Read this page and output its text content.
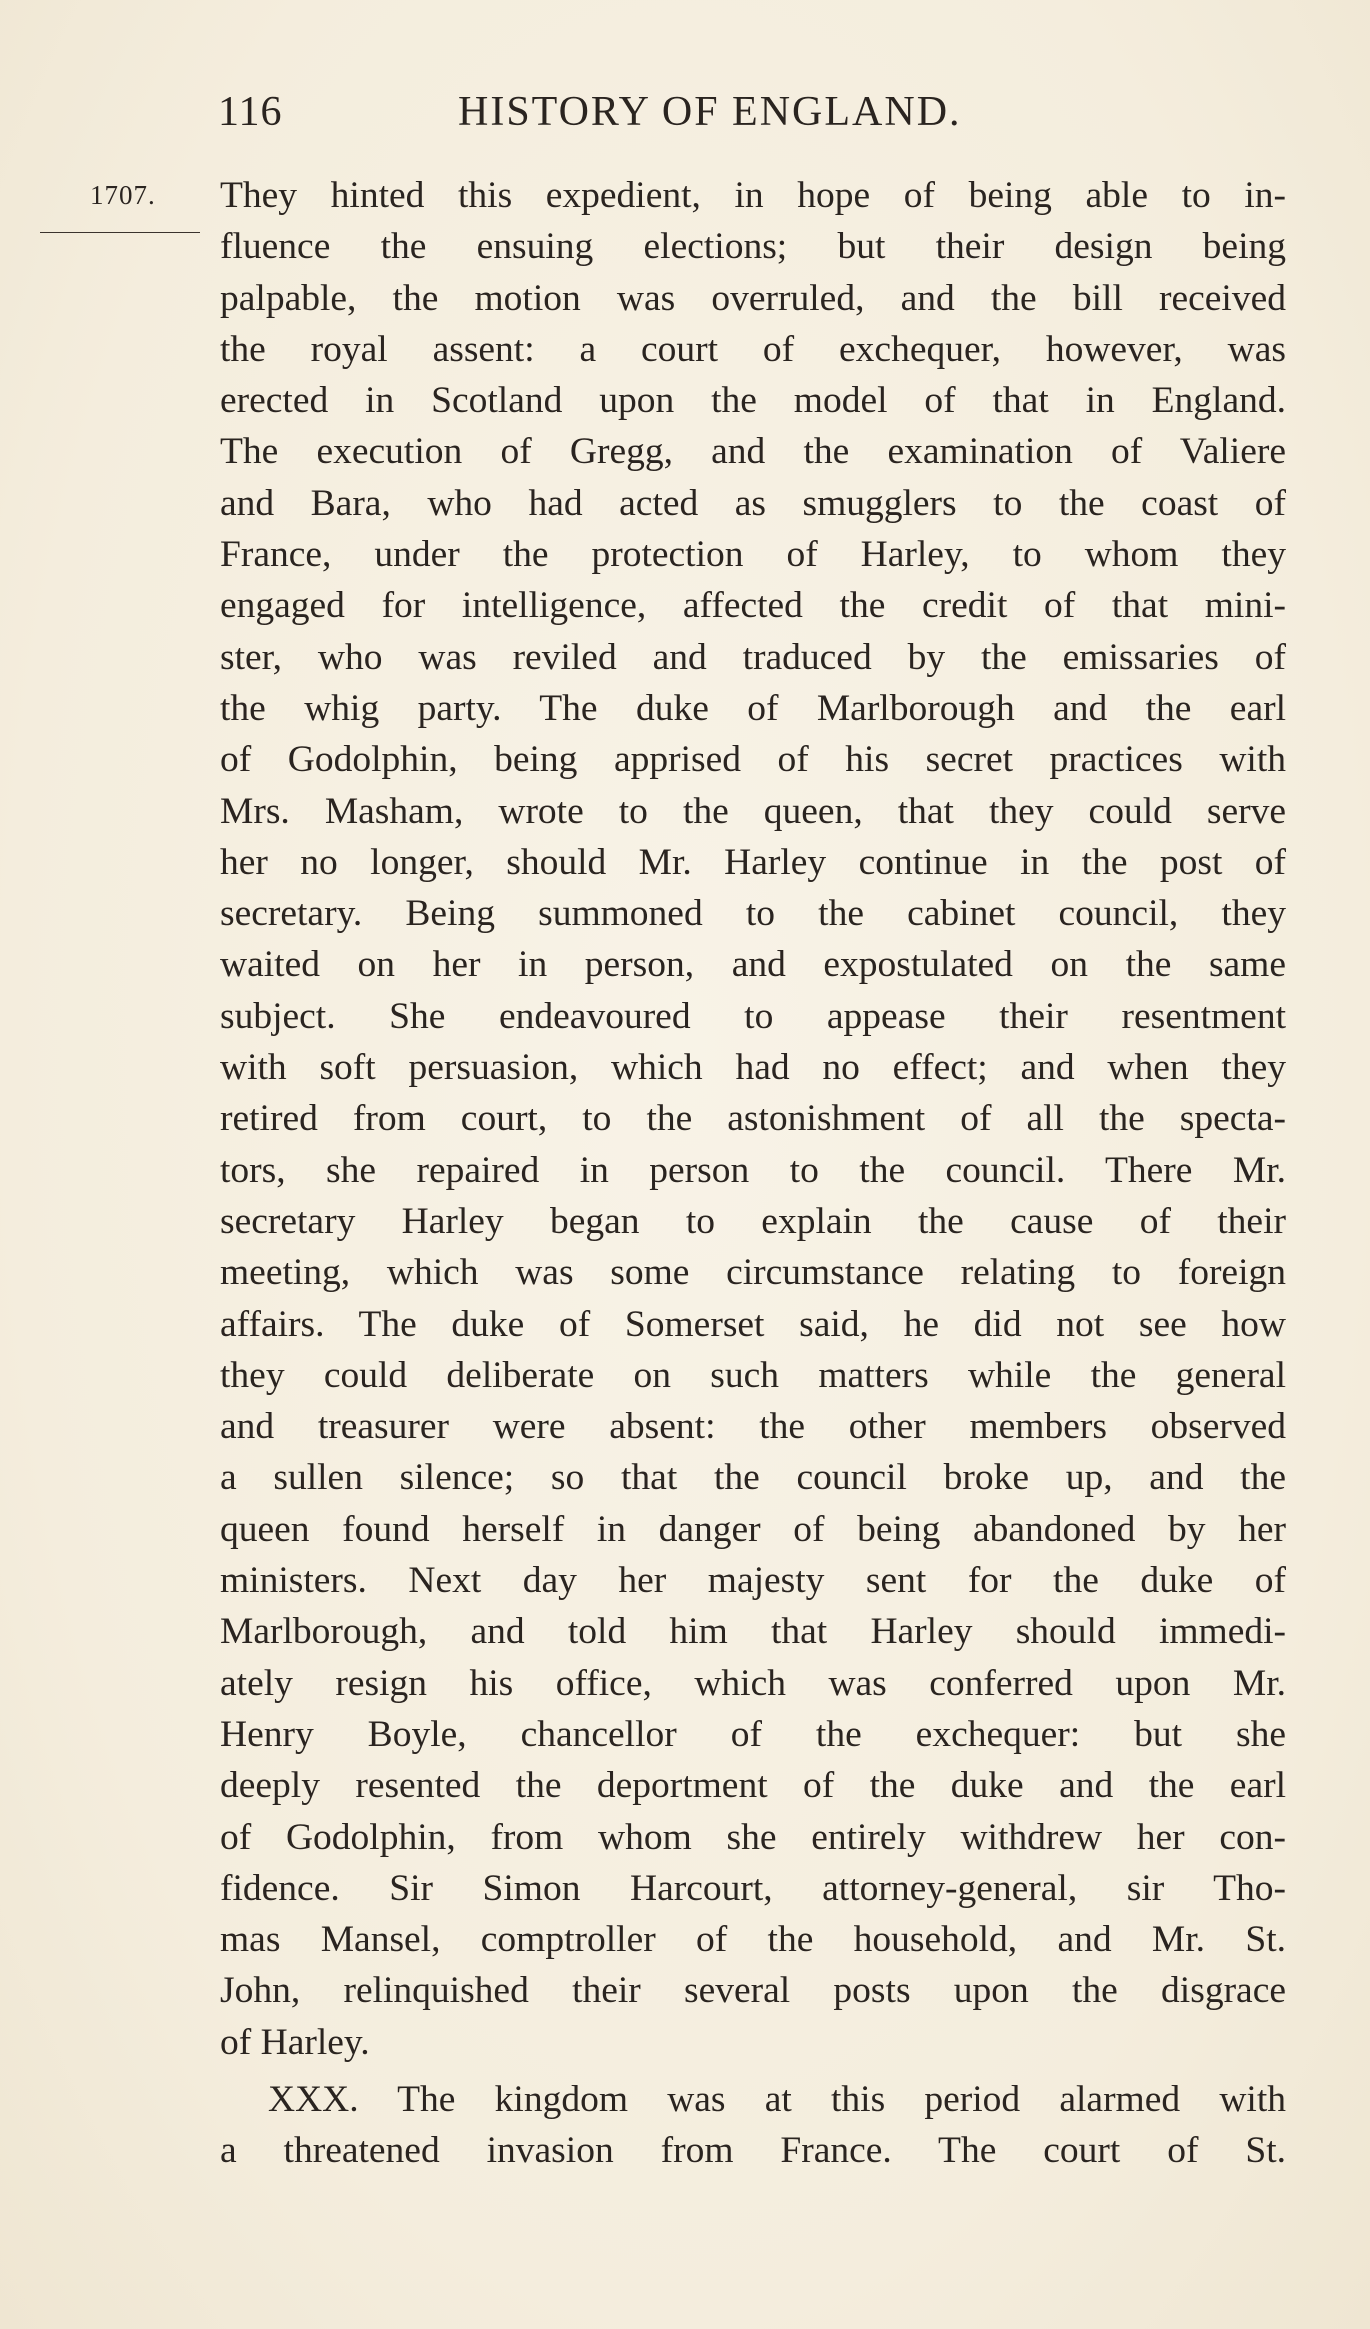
116	HISTORY OF ENGLAND.
1707. They hinted this expedient, in hope of being able to in-
fluence the ensuing elections; but their design being
palpable, the motion was overruled, and the bill received
the royal assent: a court of exchequer, however, was
erected in Scotland upon the model of that in England.
The execution of Gregg, and the examination of Valiere
and Bara, who had acted as smugglers to the coast of
France, under the protection of Harley, to whom they
engaged for intelligence, affected the credit of that mini-
ster, who was reviled and traduced by the emissaries of
the whig party. The duke of Marlborough and the earl
of Godolphin, being apprised of his secret practices with
Mrs. Masham, wrote to the queen, that they could serve
her no longer, should Mr. Harley continue in the post of
secretary. Being summoned to the cabinet council, they
waited on her in person, and expostulated on the same
subject. She endeavoured to appease their resentment
with soft persuasion, which had no effect; and when they
retired from court, to the astonishment of all the specta-
tors, she repaired in person to the council. There Mr.
secretary Harley began to explain the cause of their
meeting, which was some circumstance relating to foreign
affairs. The duke of Somerset said, he did not see how
they could deliberate on such matters while the general
and treasurer were absent: the other members observed
a sullen silence; so that the council broke up, and the
queen found herself in danger of being abandoned by her
ministers. Next day her majesty sent for the duke of
Marlborough, and told him that Harley should immedi-
ately resign his office, which was conferred upon Mr.
Henry Boyle, chancellor of the exchequer: but she
deeply resented the deportment of the duke and the earl
of Godolphin, from whom she entirely withdrew her con-
fidence. Sir Simon Harcourt, attorney-general, sir Tho-
mas Mansel, comptroller of the household, and Mr. St.
John, relinquished their several posts upon the disgrace
of Harley.
XXX. The kingdom was at this period alarmed with
a threatened invasion from France. The court of St.
